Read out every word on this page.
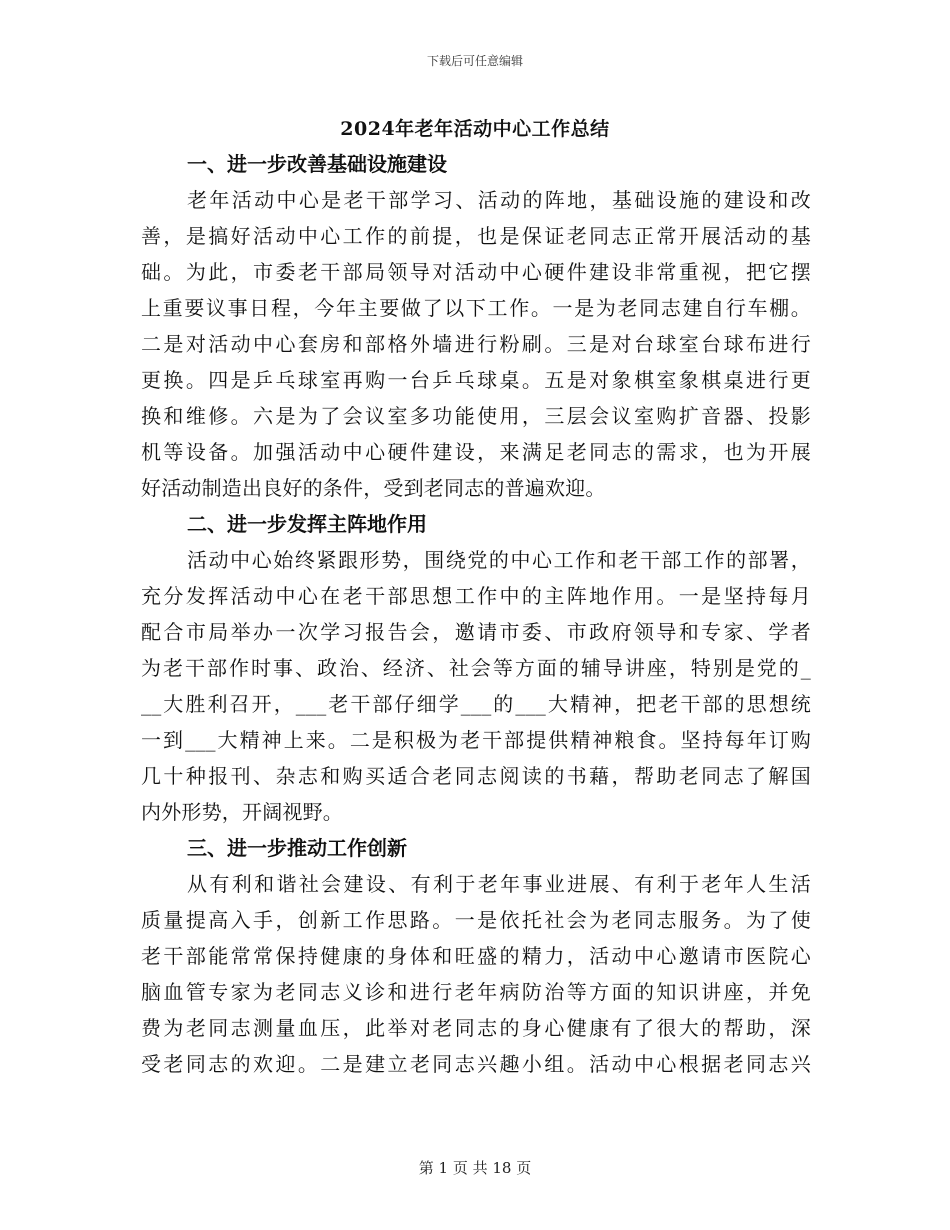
下载后可任意编辑
2024年老年活动中心工作总结
一、进一步改善基础设施建设
老年活动中心是老干部学习、活动的阵地，基础设施的建设和改
善，是搞好活动中心工作的前提，也是保证老同志正常开展活动的基
础。为此，市委老干部局领导对活动中心硬件建设非常重视，把它摆
上重要议事日程，今年主要做了以下工作。一是为老同志建自行车棚。
二是对活动中心套房和部格外墙进行粉刷。三是对台球室台球布进行
更换。四是乒乓球室再购一台乒乓球桌。五是对象棋室象棋桌进行更
换和维修。六是为了会议室多功能使用，三层会议室购扩音器、投影
机等设备。加强活动中心硬件建设，来满足老同志的需求，也为开展
好活动制造出良好的条件，受到老同志的普遍欢迎。
二、进一步发挥主阵地作用
活动中心始终紧跟形势，围绕党的中心工作和老干部工作的部署，
充分发挥活动中心在老干部思想工作中的主阵地作用。一是坚持每月
配合市局举办一次学习报告会，邀请市委、市政府领导和专家、学者
为老干部作时事、政治、经济、社会等方面的辅导讲座，特别是党的_
__大胜利召开，___老干部仔细学___的___大精神，把老干部的思想统
一到___大精神上来。二是积极为老干部提供精神粮食。坚持每年订购
几十种报刊、杂志和购买适合老同志阅读的书藉，帮助老同志了解国
内外形势，开阔视野。
三、进一步推动工作创新
从有利和谐社会建设、有利于老年事业进展、有利于老年人生活
质量提高入手，创新工作思路。一是依托社会为老同志服务。为了使
老干部能常常保持健康的身体和旺盛的精力，活动中心邀请市医院心
脑血管专家为老同志义诊和进行老年病防治等方面的知识讲座，并免
费为老同志测量血压，此举对老同志的身心健康有了很大的帮助，深
受老同志的欢迎。二是建立老同志兴趣小组。活动中心根据老同志兴
第 1 页 共 18 页
